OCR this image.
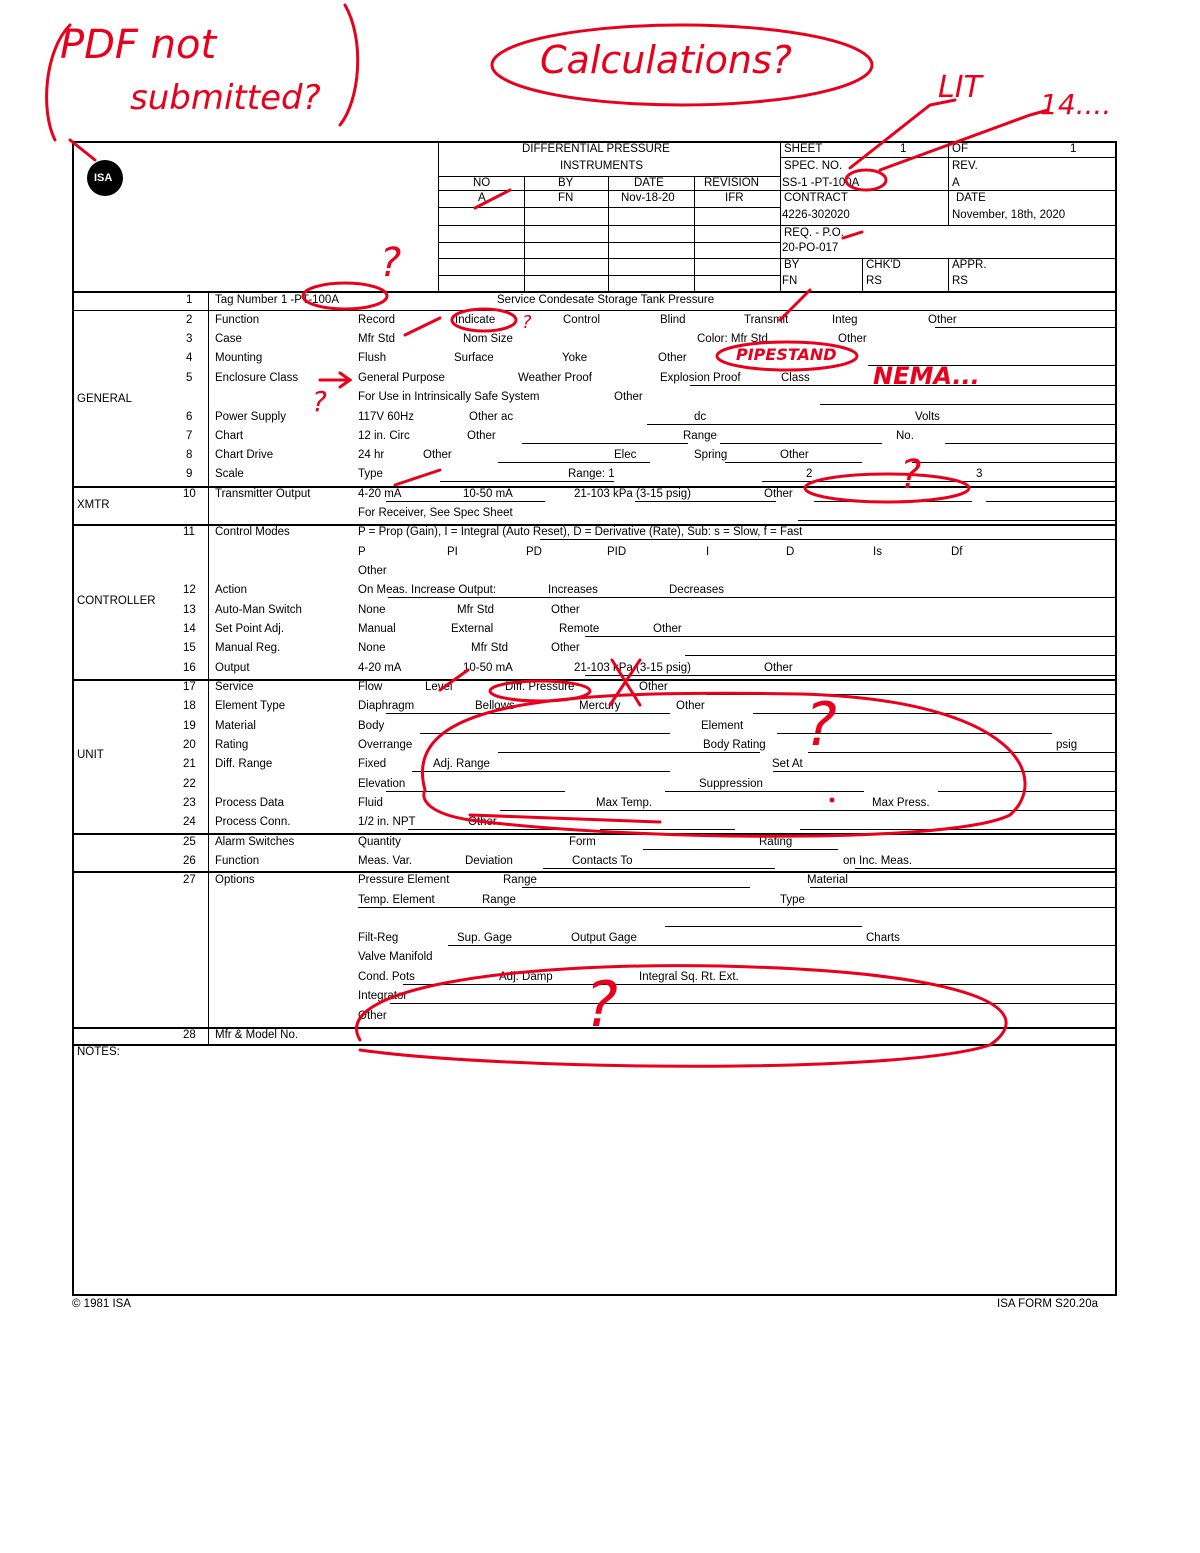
ISA
DIFFERENTIAL PRESSURE
INSTRUMENTS
NO	BY	DATE	REVISION
A	FN	Nov-18-20	IFR
SHEET	1	OF	1
SPEC. NO.
SS-1 -PT-100A
REV.
A
CONTRACT
4226-302020
DATE
November, 18th, 2020
REQ. - P.O.
20-PO-017
BY
FN
CHK'D
RS
APPR.
RS
GENERAL
XMTR
CONTROLLER
UNIT
NOTES:
1 Tag Number 1 -PT-100A	Service Condesate Storage Tank Pressure
2 Function	Record	Indicate	Control	Blind	Transmit	Integ	Other
3 Case	Mfr Std	Nom Size	Color: Mfr Std	Other
4 Mounting	Flush	Surface	Yoke	Other
5 Enclosure Class	General Purpose	Weather Proof	Explosion Proof	Class
For Use in Intrinsically Safe System	Other
6 Power Supply	117V 60Hz	Other ac	dc	Volts
7 Chart	12 in. Circ	Other	Range	No.
8 Chart Drive	24 hr	Other	Elec	Spring	Other
9 Scale	Type	Range: 1	2	3
10 Transmitter Output	4-20 mA	10-50 mA	21-103 kPa (3-15 psig)	Other
For Receiver, See Spec Sheet
11 Control Modes	P = Prop (Gain), I = Integral (Auto Reset), D = Derivative (Rate), Sub: s = Slow, f = Fast
P	PI	PD	PID	I	D	Is	Df
Other
12 Action	On Meas. Increase Output:	Increases	Decreases
13 Auto-Man Switch	None	Mfr Std	Other
14 Set Point Adj.	Manual	External	Remote	Other
15 Manual Reg.	None	Mfr Std	Other
16 Output	4-20 mA	10-50 mA	21-103 kPa (3-15 psig)	Other
17 Service	Flow	Level	Diff. Pressure	Other
18 Element Type	Diaphragm	Bellows	Mercury	Other
19 Material	Body	Element
20 Rating	Overrange	Body Rating	psig
21 Diff. Range	Fixed	Adj. Range	Set At
22	Elevation	Suppression
23 Process Data	Fluid	Max Temp.	Max Press.
24 Process Conn.	1/2 in. NPT	Other
25 Alarm Switches	Quantity	Form	Rating
26 Function	Meas. Var.	Deviation	Contacts To	on Inc. Meas.
27 Options	Pressure Element	Range	Material
Temp. Element	Range	Type
Filt-Reg	Sup. Gage	Output Gage	Charts
Valve Manifold
Cond. Pots	Adj. Damp	Integral Sq. Rt. Ext.
Integrator
Other
28 Mfr & Model No.
© 1981 ISA	ISA FORM S20.20a
PDF not
submitted?
Calculations?
LIT 14....
PIPESTAND
NEMA...
?
?
?
?
?
?
